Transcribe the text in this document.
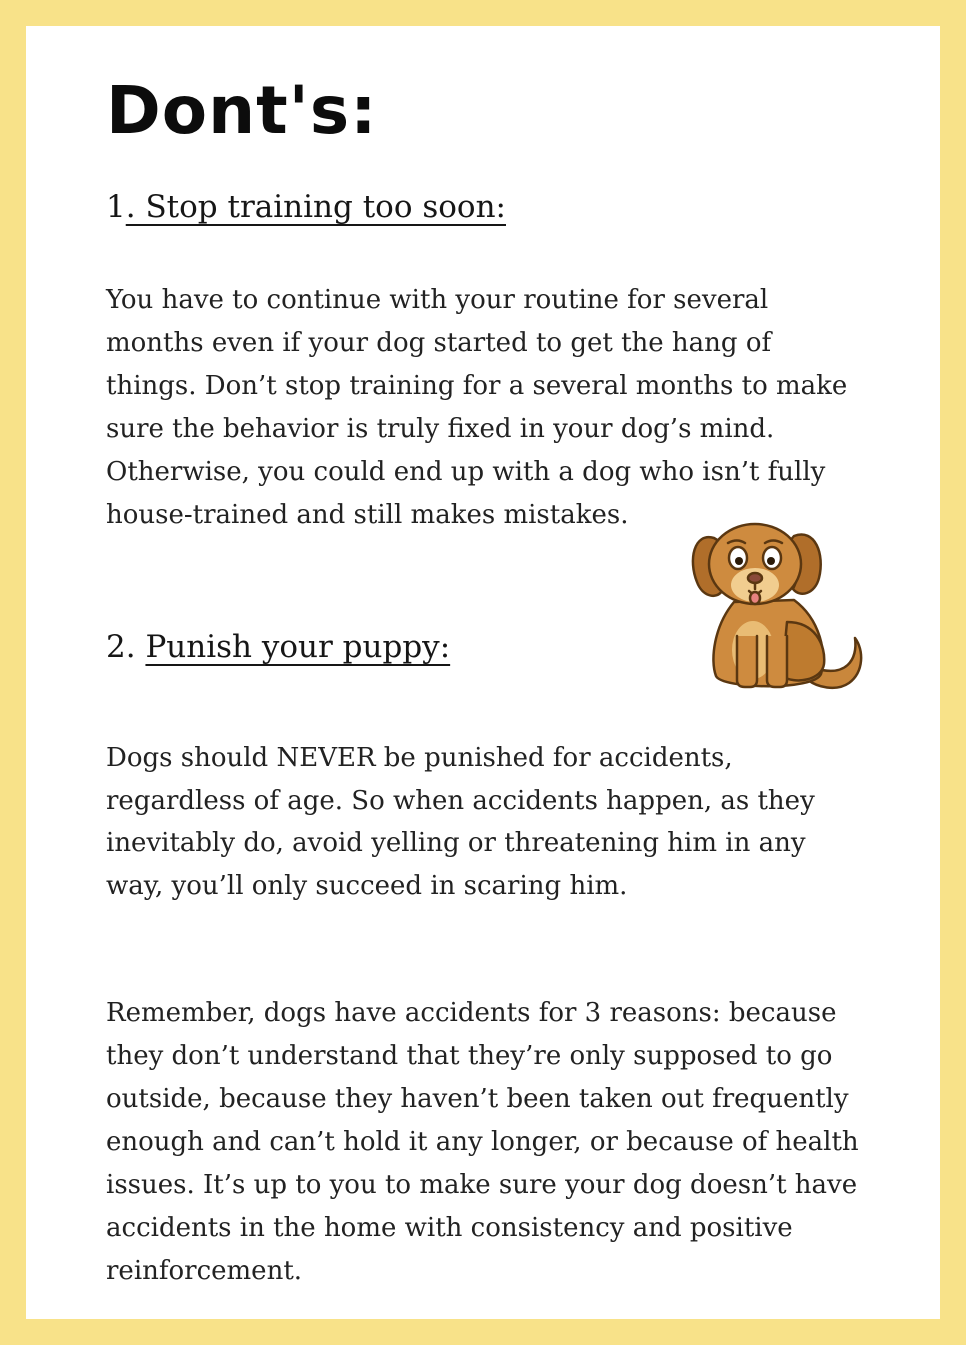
Dont's:
1. Stop training too soon:

You have to continue with your routine for several months even if your dog started to get the hang of things. Don’t stop training for a several months to make sure the behavior is truly fixed in your dog’s mind. Otherwise, you could end up with a dog who isn’t fully house-trained and still makes mistakes.

2. Punish your puppy:

Dogs should NEVER be punished for accidents, regardless of age. So when accidents happen, as they inevitably do, avoid yelling or threatening him in any way, you’ll only succeed in scaring him.

Remember, dogs have accidents for 3 reasons: because they don’t understand that they’re only supposed to go outside, because they haven’t been taken out frequently enough and can’t hold it any longer, or because of health issues. It’s up to you to make sure your dog doesn’t have accidents in the home with consistency and positive reinforcement.
